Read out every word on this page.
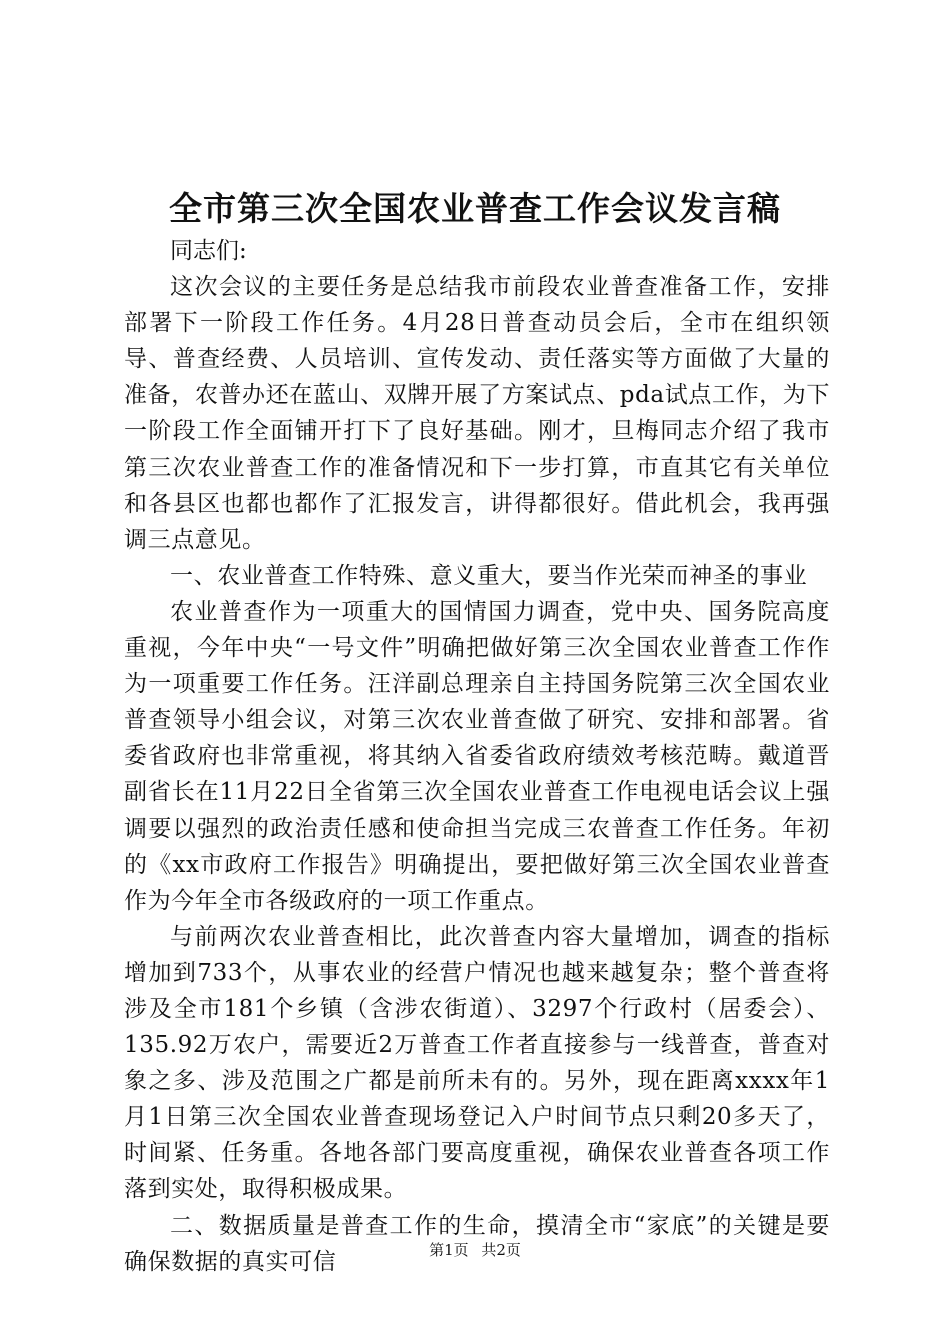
全市第三次全国农业普查工作会议发言稿

同志们:

这次会议的主要任务是总结我市前段农业普查准备工作，安排部署下一阶段工作任务。4月28日普查动员会后，全市在组织领导、普查经费、人员培训、宣传发动、责任落实等方面做了大量的准备，农普办还在蓝山、双牌开展了方案试点、pda试点工作，为下一阶段工作全面铺开打下了良好基础。刚才，旦梅同志介绍了我市第三次农业普查工作的准备情况和下一步打算，市直其它有关单位和各县区也都也都作了汇报发言，讲得都很好。借此机会，我再强调三点意见。

一、农业普查工作特殊、意义重大，要当作光荣而神圣的事业

农业普查作为一项重大的国情国力调查，党中央、国务院高度重视，今年中央“一号文件”明确把做好第三次全国农业普查工作作为一项重要工作任务。汪洋副总理亲自主持国务院第三次全国农业普查领导小组会议，对第三次农业普查做了研究、安排和部署。省委省政府也非常重视，将其纳入省委省政府绩效考核范畴。戴道晋副省长在11月22日全省第三次全国农业普查工作电视电话会议上强调要以强烈的政治责任感和使命担当完成三农普查工作任务。年初的《xx市政府工作报告》明确提出，要把做好第三次全国农业普查作为今年全市各级政府的一项工作重点。

与前两次农业普查相比，此次普查内容大量增加，调查的指标增加到733个，从事农业的经营户情况也越来越复杂；整个普查将涉及全市181个乡镇（含涉农街道）、3297个行政村（居委会）、135.92万农户，需要近2万普查工作者直接参与一线普查，普查对象之多、涉及范围之广都是前所未有的。另外，现在距离xxxx年1月1日第三次全国农业普查现场登记入户时间节点只剩20多天了，时间紧、任务重。各地各部门要高度重视，确保农业普查各项工作落到实处，取得积极成果。

二、数据质量是普查工作的生命，摸清全市“家底”的关键是要确保数据的真实可信	第1页 共2页
